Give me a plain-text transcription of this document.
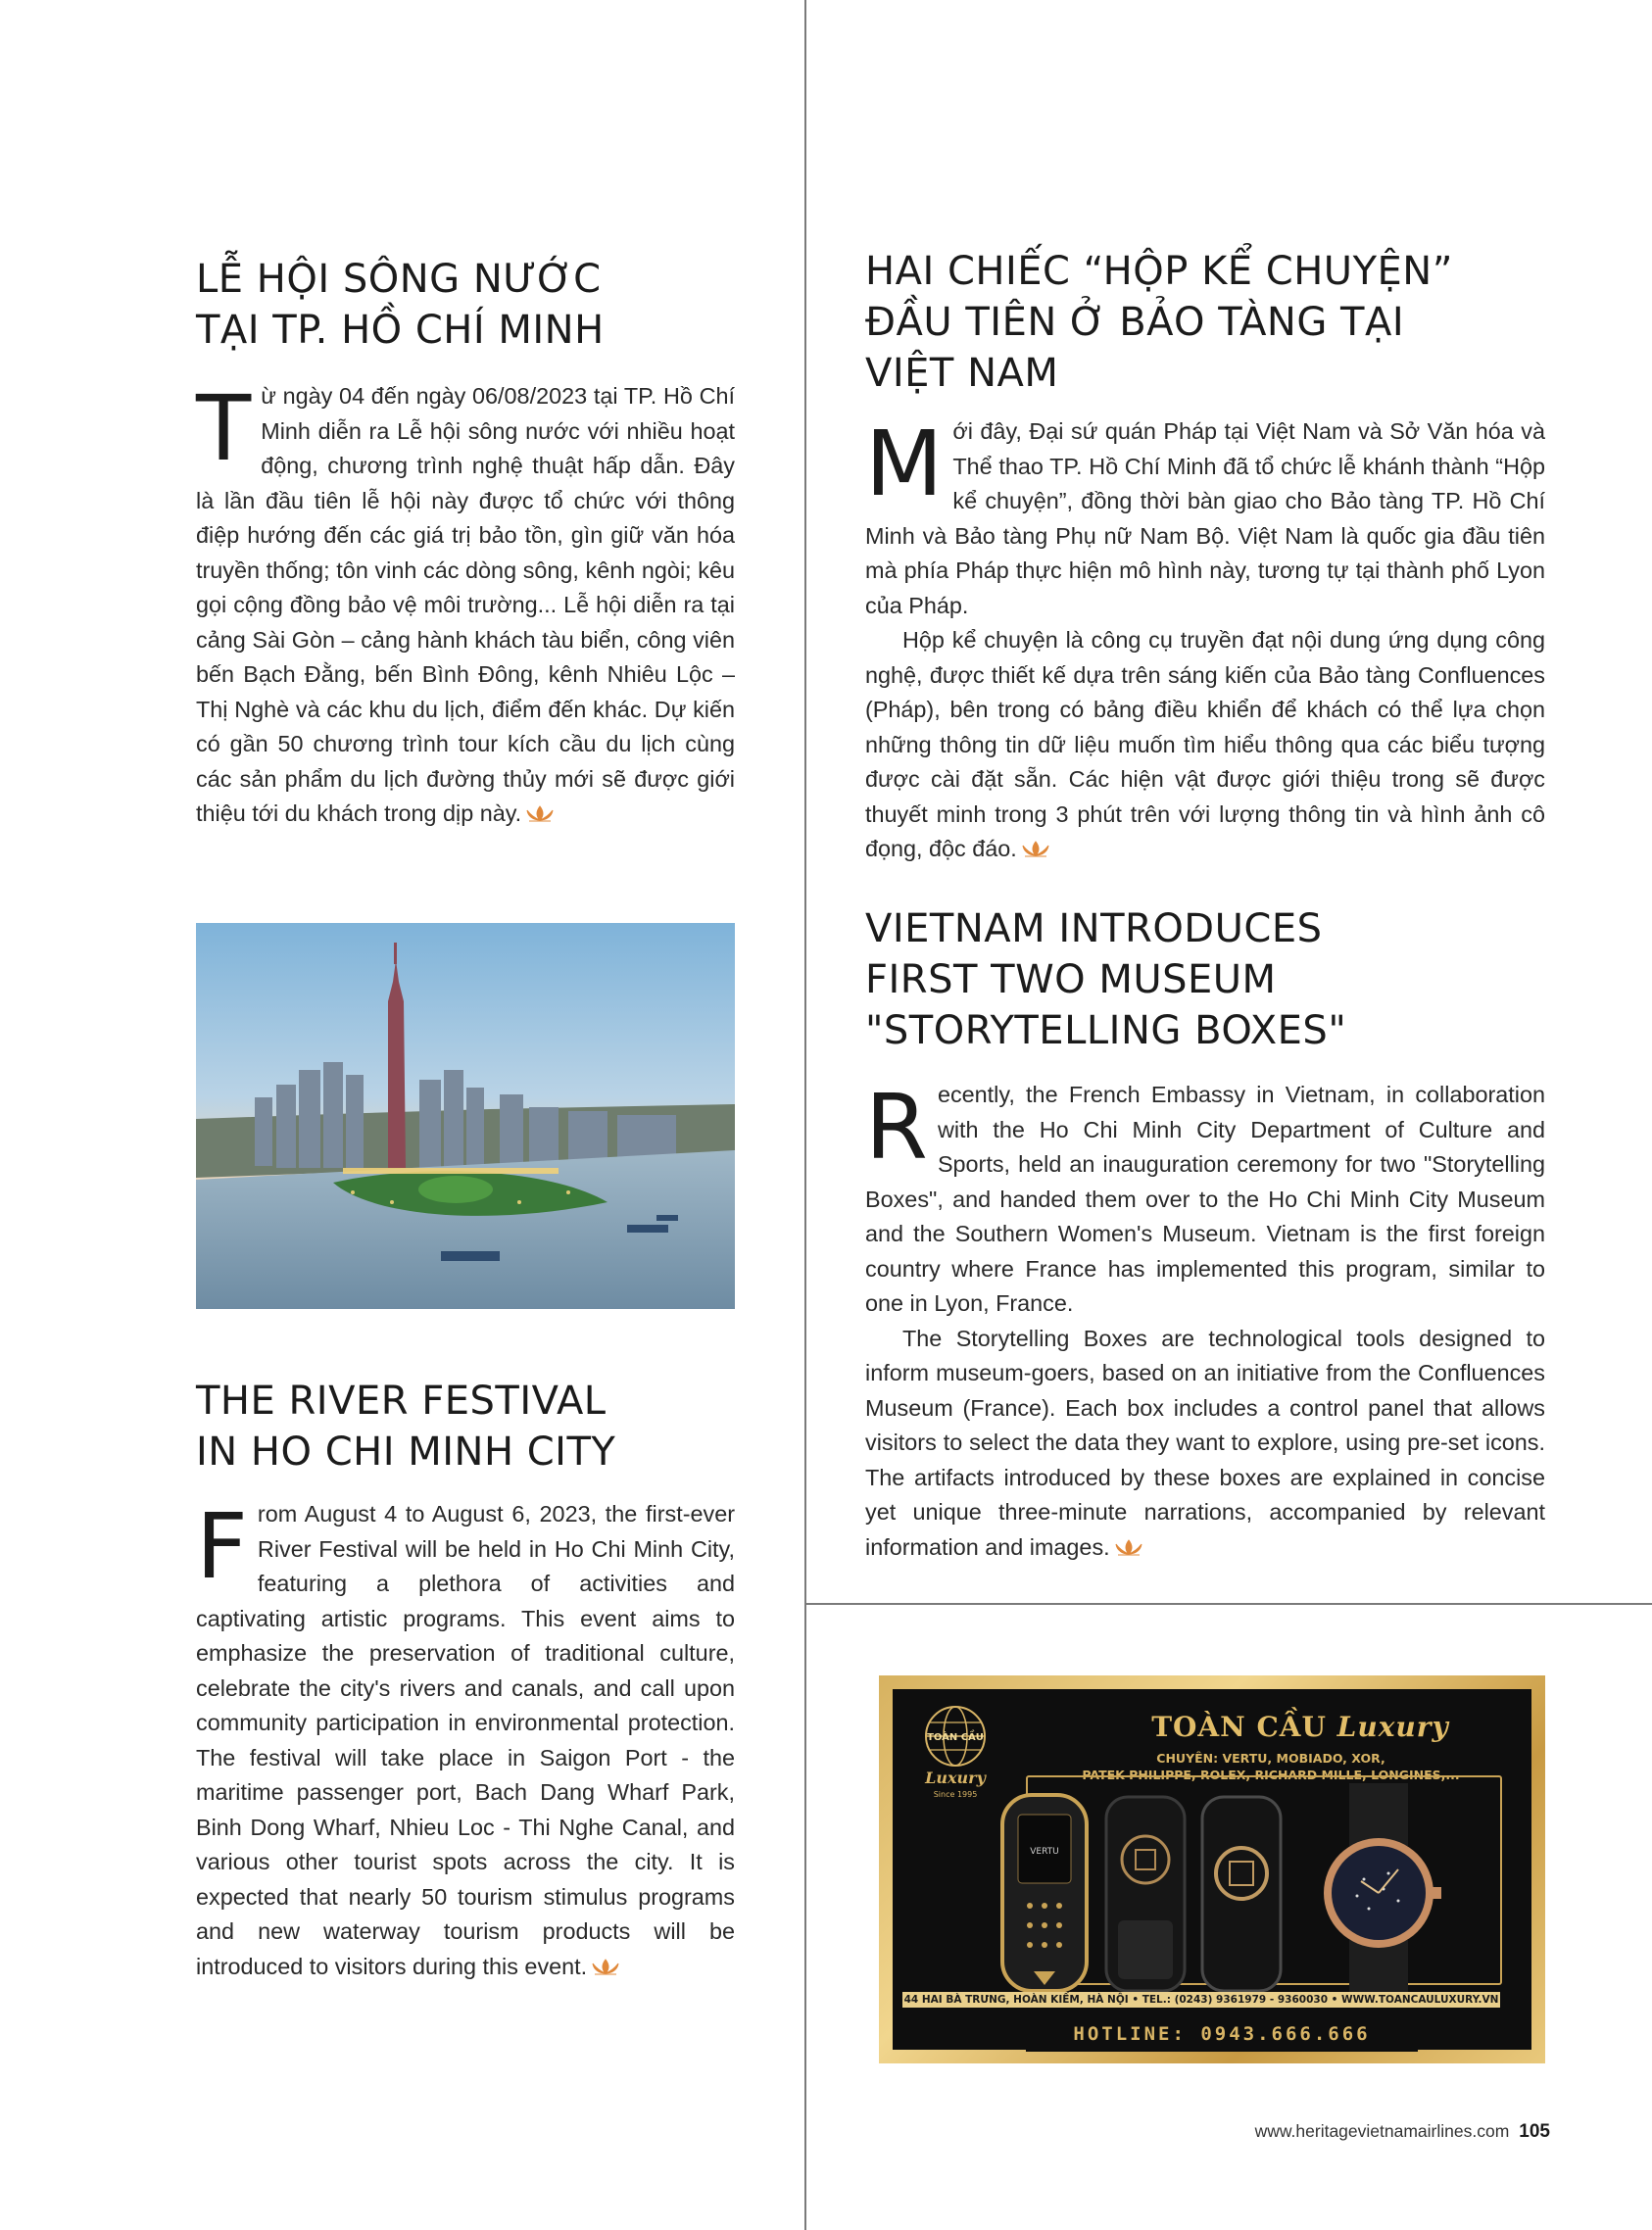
LỄ HỘI SÔNG NƯỚC
TẠI TP. HỒ CHÍ MINH

Từ ngày 04 đến ngày 06/08/2023 tại TP. Hồ Chí Minh diễn ra Lễ hội sông nước với nhiều hoạt động, chương trình nghệ thuật hấp dẫn. Đây là lần đầu tiên lễ hội này được tổ chức với thông điệp hướng đến các giá trị bảo tồn, gìn giữ văn hóa truyền thống; tôn vinh các dòng sông, kênh ngòi; kêu gọi cộng đồng bảo vệ môi trường... Lễ hội diễn ra tại cảng Sài Gòn – cảng hành khách tàu biển, công viên bến Bạch Đằng, bến Bình Đông, kênh Nhiêu Lộc – Thị Nghè và các khu du lịch, điểm đến khác. Dự kiến có gần 50 chương trình tour kích cầu du lịch cùng các sản phẩm du lịch đường thủy mới sẽ được giới thiệu tới du khách trong dịp này.

THE RIVER FESTIVAL
IN HO CHI MINH CITY

From August 4 to August 6, 2023, the first-ever River Festival will be held in Ho Chi Minh City, featuring a plethora of activities and captivating artistic programs. This event aims to emphasize the preservation of traditional culture, celebrate the city's rivers and canals, and call upon community participation in environmental protection. The festival will take place in Saigon Port - the maritime passenger port, Bach Dang Wharf Park, Binh Dong Wharf, Nhieu Loc - Thi Nghe Canal, and various other tourist spots across the city. It is expected that nearly 50 tourism stimulus programs and new waterway tourism products will be introduced to visitors during this event.

HAI CHIẾC “HỘP KỂ CHUYỆN”
ĐẦU TIÊN Ở BẢO TÀNG TẠI
VIỆT NAM

Mới đây, Đại sứ quán Pháp tại Việt Nam và Sở Văn hóa và Thể thao TP. Hồ Chí Minh đã tổ chức lễ khánh thành “Hộp kể chuyện”, đồng thời bàn giao cho Bảo tàng TP. Hồ Chí Minh và Bảo tàng Phụ nữ Nam Bộ. Việt Nam là quốc gia đầu tiên mà phía Pháp thực hiện mô hình này, tương tự tại thành phố Lyon của Pháp.

Hộp kể chuyện là công cụ truyền đạt nội dung ứng dụng công nghệ, được thiết kế dựa trên sáng kiến của Bảo tàng Confluences (Pháp), bên trong có bảng điều khiển để khách có thể lựa chọn những thông tin dữ liệu muốn tìm hiểu thông qua các biểu tượng được cài đặt sẵn. Các hiện vật được giới thiệu trong sẽ được thuyết minh trong 3 phút trên với lượng thông tin và hình ảnh cô đọng, độc đáo.

VIETNAM INTRODUCES
FIRST TWO MUSEUM
"STORYTELLING BOXES"

Recently, the French Embassy in Vietnam, in collaboration with the Ho Chi Minh City Department of Culture and Sports, held an inauguration ceremony for two "Storytelling Boxes", and handed them over to the Ho Chi Minh City Museum and the Southern Women's Museum. Vietnam is the first foreign country where France has implemented this program, similar to one in Lyon, France.

The Storytelling Boxes are technological tools designed to inform museum-goers, based on an initiative from the Confluences Museum (France). Each box includes a control panel that allows visitors to select the data they want to explore, using pre-set icons. The artifacts introduced by these boxes are explained in concise yet unique three-minute narrations, accompanied by relevant information and images.

TOÀN CẦU
Luxury
Since 1995
TOÀN CẦU Luxury
CHUYÊN: VERTU, MOBIADO, XOR,
PATEK PHILIPPE, ROLEX, RICHARD MILLE, LONGINES,...
VERTU
44 HAI BÀ TRƯNG, HOÀN KIẾM, HÀ NỘI • TEL.: (0243) 9361979 - 9360030 • WWW.TOANCAULUXURY.VN
HOTLINE: 0943.666.666
www.heritagevietnamairlines.com 105
